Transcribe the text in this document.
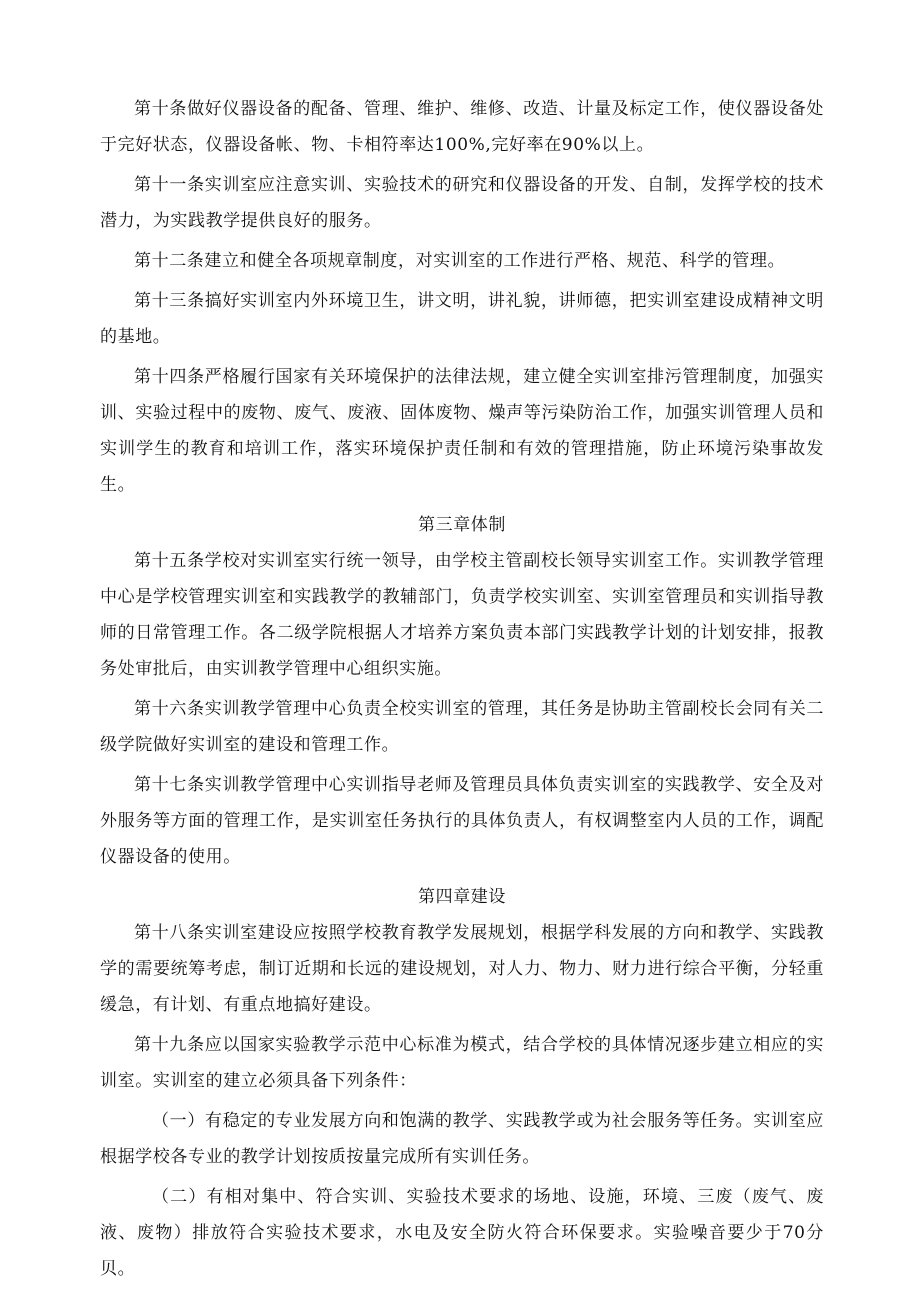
第十条做好仪器设备的配备、管理、维护、维修、改造、计量及标定工作，使仪器设备处于完好状态，仪器设备帐、物、卡相符率达100%,完好率在90%以上。

第十一条实训室应注意实训、实验技术的研究和仪器设备的开发、自制，发挥学校的技术潜力，为实践教学提供良好的服务。

第十二条建立和健全各项规章制度，对实训室的工作进行严格、规范、科学的管理。

第十三条搞好实训室内外环境卫生，讲文明，讲礼貌，讲师德，把实训室建设成精神文明的基地。

第十四条严格履行国家有关环境保护的法律法规，建立健全实训室排污管理制度，加强实训、实验过程中的废物、废气、废液、固体废物、燥声等污染防治工作，加强实训管理人员和实训学生的教育和培训工作，落实环境保护责任制和有效的管理措施，防止环境污染事故发生。

第三章体制

第十五条学校对实训室实行统一领导，由学校主管副校长领导实训室工作。实训教学管理中心是学校管理实训室和实践教学的教辅部门，负责学校实训室、实训室管理员和实训指导教师的日常管理工作。各二级学院根据人才培养方案负责本部门实践教学计划的计划安排，报教务处审批后，由实训教学管理中心组织实施。

第十六条实训教学管理中心负责全校实训室的管理，其任务是协助主管副校长会同有关二级学院做好实训室的建设和管理工作。

第十七条实训教学管理中心实训指导老师及管理员具体负责实训室的实践教学、安全及对外服务等方面的管理工作，是实训室任务执行的具体负责人，有权调整室内人员的工作，调配仪器设备的使用。

第四章建设

第十八条实训室建设应按照学校教育教学发展规划，根据学科发展的方向和教学、实践教学的需要统筹考虑，制订近期和长远的建设规划，对人力、物力、财力进行综合平衡，分轻重缓急，有计划、有重点地搞好建设。

第十九条应以国家实验教学示范中心标准为模式，结合学校的具体情况逐步建立相应的实训室。实训室的建立必须具备下列条件：

（一）有稳定的专业发展方向和饱满的教学、实践教学或为社会服务等任务。实训室应根据学校各专业的教学计划按质按量完成所有实训任务。

（二）有相对集中、符合实训、实验技术要求的场地、设施，环境、三废（废气、废液、废物）排放符合实验技术要求，水电及安全防火符合环保要求。实验噪音要少于70分贝。
